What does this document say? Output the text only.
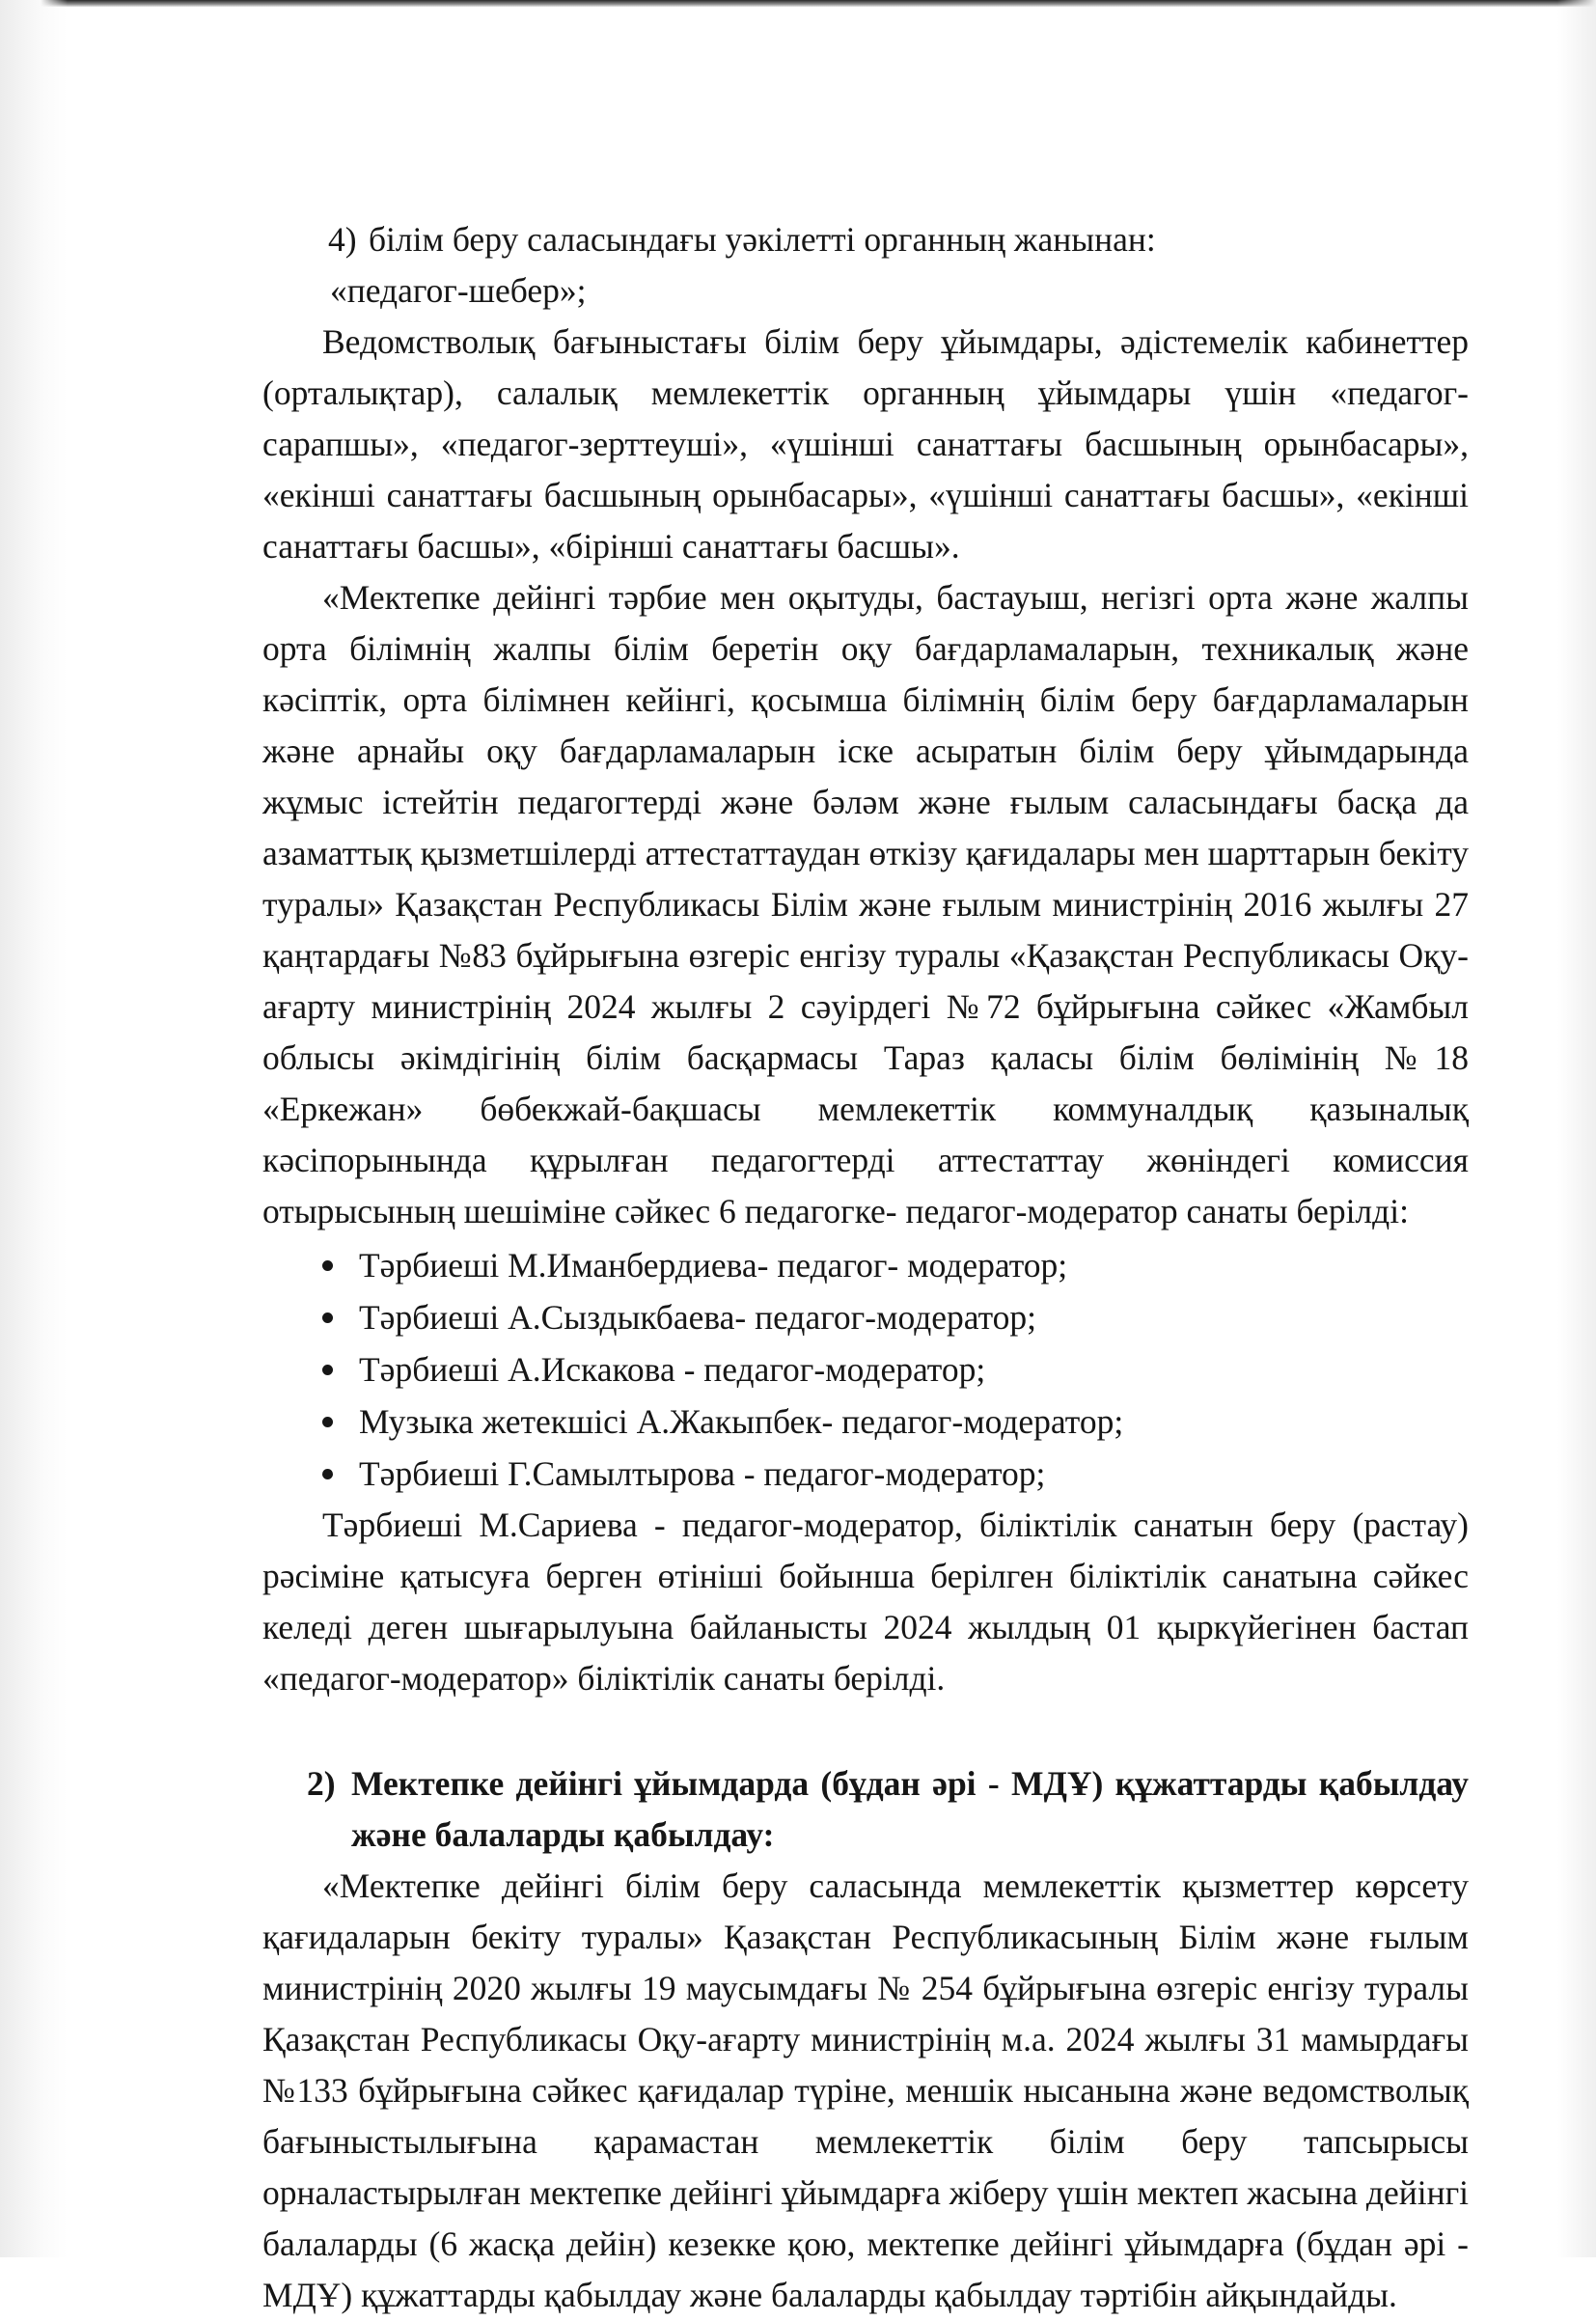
4) білім беру саласындағы уәкілетті органның жанынан:

«педагог-шебер»;

Ведомстволық бағыныстағы білім беру ұйымдары, әдістемелік кабинеттер (орталықтар), салалық мемлекеттік органның ұйымдары үшін «педагог-сарапшы», «педагог-зерттеуші», «үшінші санаттағы басшының орынбасары», «екінші санаттағы басшының орынбасары», «үшінші санаттағы басшы», «екінші санаттағы басшы», «бірінші санаттағы басшы».

«Мектепке дейінгі тәрбие мен оқытуды, бастауыш, негізгі орта және жалпы орта білімнің жалпы білім беретін оқу бағдарламаларын, техникалық және кәсіптік, орта білімнен кейінгі, қосымша білімнің білім беру бағдарламаларын және арнайы оқу бағдарламаларын іске асыратын білім беру ұйымдарында жұмыс істейтін педагогтерді және бәлəм жəне ғылым саласындағы басқа да азаматтық қызметшілерді аттестаттаудан өткізу қағидалары мен шарттарын бекіту туралы» Қазақстан Республикасы Білім және ғылым министрінің 2016 жылғы 27 қаңтардағы №83 бұйрығына өзгеріс енгізу туралы «Қазақстан Республикасы Оқу-ағарту министрінің 2024 жылғы 2 сәуірдегі №72 бұйрығына сәйкес «Жамбыл облысы әкімдігінің білім басқармасы Тараз қаласы білім бөлімінің №18 «Еркежан» бөбекжай-бақшасы мемлекеттік коммуналдық қазыналық кәсіпорынында құрылған педагогтерді аттестаттау жөніндегі комиссия отырысының шешіміне сәйкес 6 педагогке- педагог-модератор санаты берілді:

Тәрбиеші М.Иманбердиева- педагог- модератор;
Тәрбиеші А.Сыздыкбаева- педагог-модератор;
Тәрбиеші А.Искакова - педагог-модератор;
Музыка жетекшісі А.Жакыпбек- педагог-модератор;
Тәрбиеші Г.Самылтырова - педагог-модератор;

Тәрбиеші М.Сариева - педагог-модератор, біліктілік санатын беру (растау) рәсіміне қатысуға берген өтініші бойынша берілген біліктілік санатына сәйкес келеді деген шығарылуына байланысты 2024 жылдың 01 қыркүйегінен бастап «педагог-модератор» біліктілік санаты берілді.

2) Мектепке дейінгі ұйымдарда (бұдан әрі - МДҰ) құжаттарды қабылдау және балаларды қабылдау:

«Мектепке дейінгі білім беру саласында мемлекеттік қызметтер көрсету қағидаларын бекіту туралы» Қазақстан Республикасының Білім және ғылым министрінің 2020 жылғы 19 маусымдағы № 254 бұйрығына өзгеріс енгізу туралы Қазақстан Республикасы Оқу-ағарту министрінің м.а. 2024 жылғы 31 мамырдағы №133 бұйрығына сәйкес қағидалар түріне, меншік нысанына және ведомстволық бағыныстылығына қарамастан мемлекеттік білім беру тапсырысы орналастырылған мектепке дейінгі ұйымдарға жіберу үшін мектеп жасына дейінгі балаларды (6 жасқа дейін) кезекке қою, мектепке дейінгі ұйымдарға (бұдан әрі - МДҰ) құжаттарды қабылдау және балаларды қабылдау тәртібін айқындайды.
